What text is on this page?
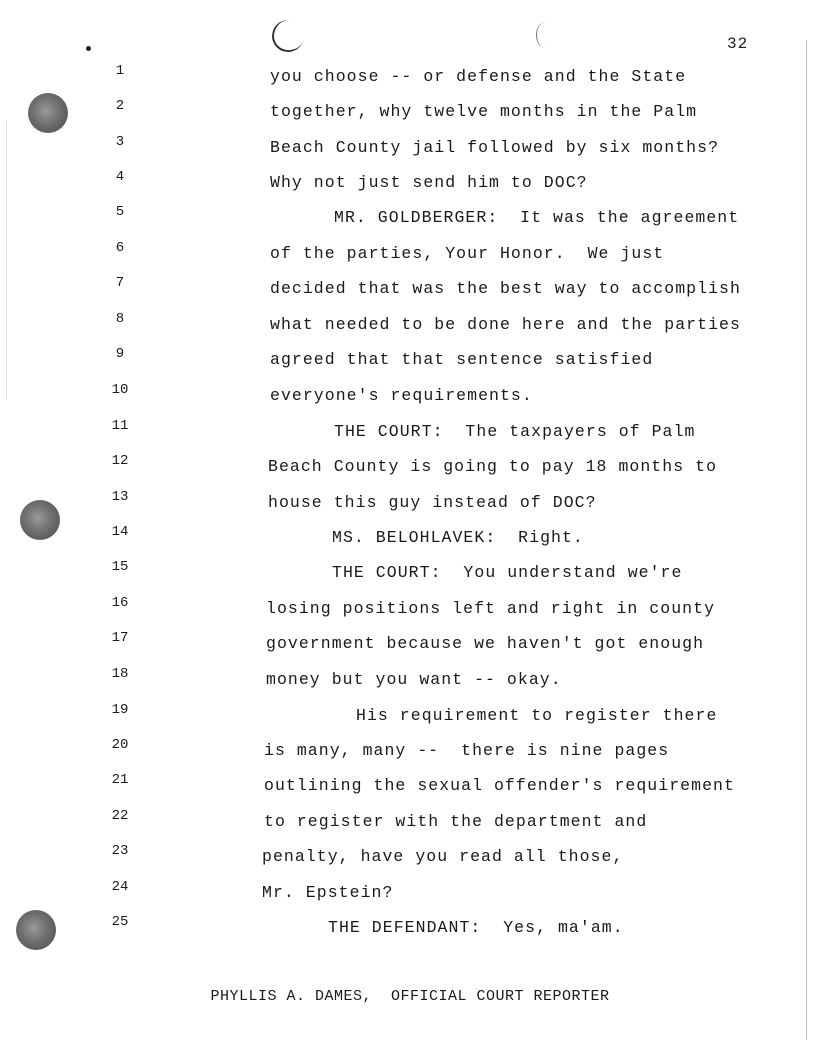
32
1
2
3
4
5
6
7
8
9
10
11
12
13
14
15
16
17
18
19
20
21
22
23
24
25
you choose -- or defense and the State
together, why twelve months in the Palm
Beach County jail followed by six months?
Why not just send him to DOC?
MR. GOLDBERGER:  It was the agreement
of the parties, Your Honor.  We just
decided that was the best way to accomplish
what needed to be done here and the parties
agreed that that sentence satisfied
everyone's requirements.
THE COURT:  The taxpayers of Palm
Beach County is going to pay 18 months to
house this guy instead of DOC?
MS. BELOHLAVEK:  Right.
THE COURT:  You understand we're
losing positions left and right in county
government because we haven't got enough
money but you want -- okay.
His requirement to register there
is many, many --  there is nine pages
outlining the sexual offender's requirement
to register with the department and
penalty, have you read all those,
Mr. Epstein?
THE DEFENDANT:  Yes, ma'am.
PHYLLIS A. DAMES,  OFFICIAL COURT REPORTER
